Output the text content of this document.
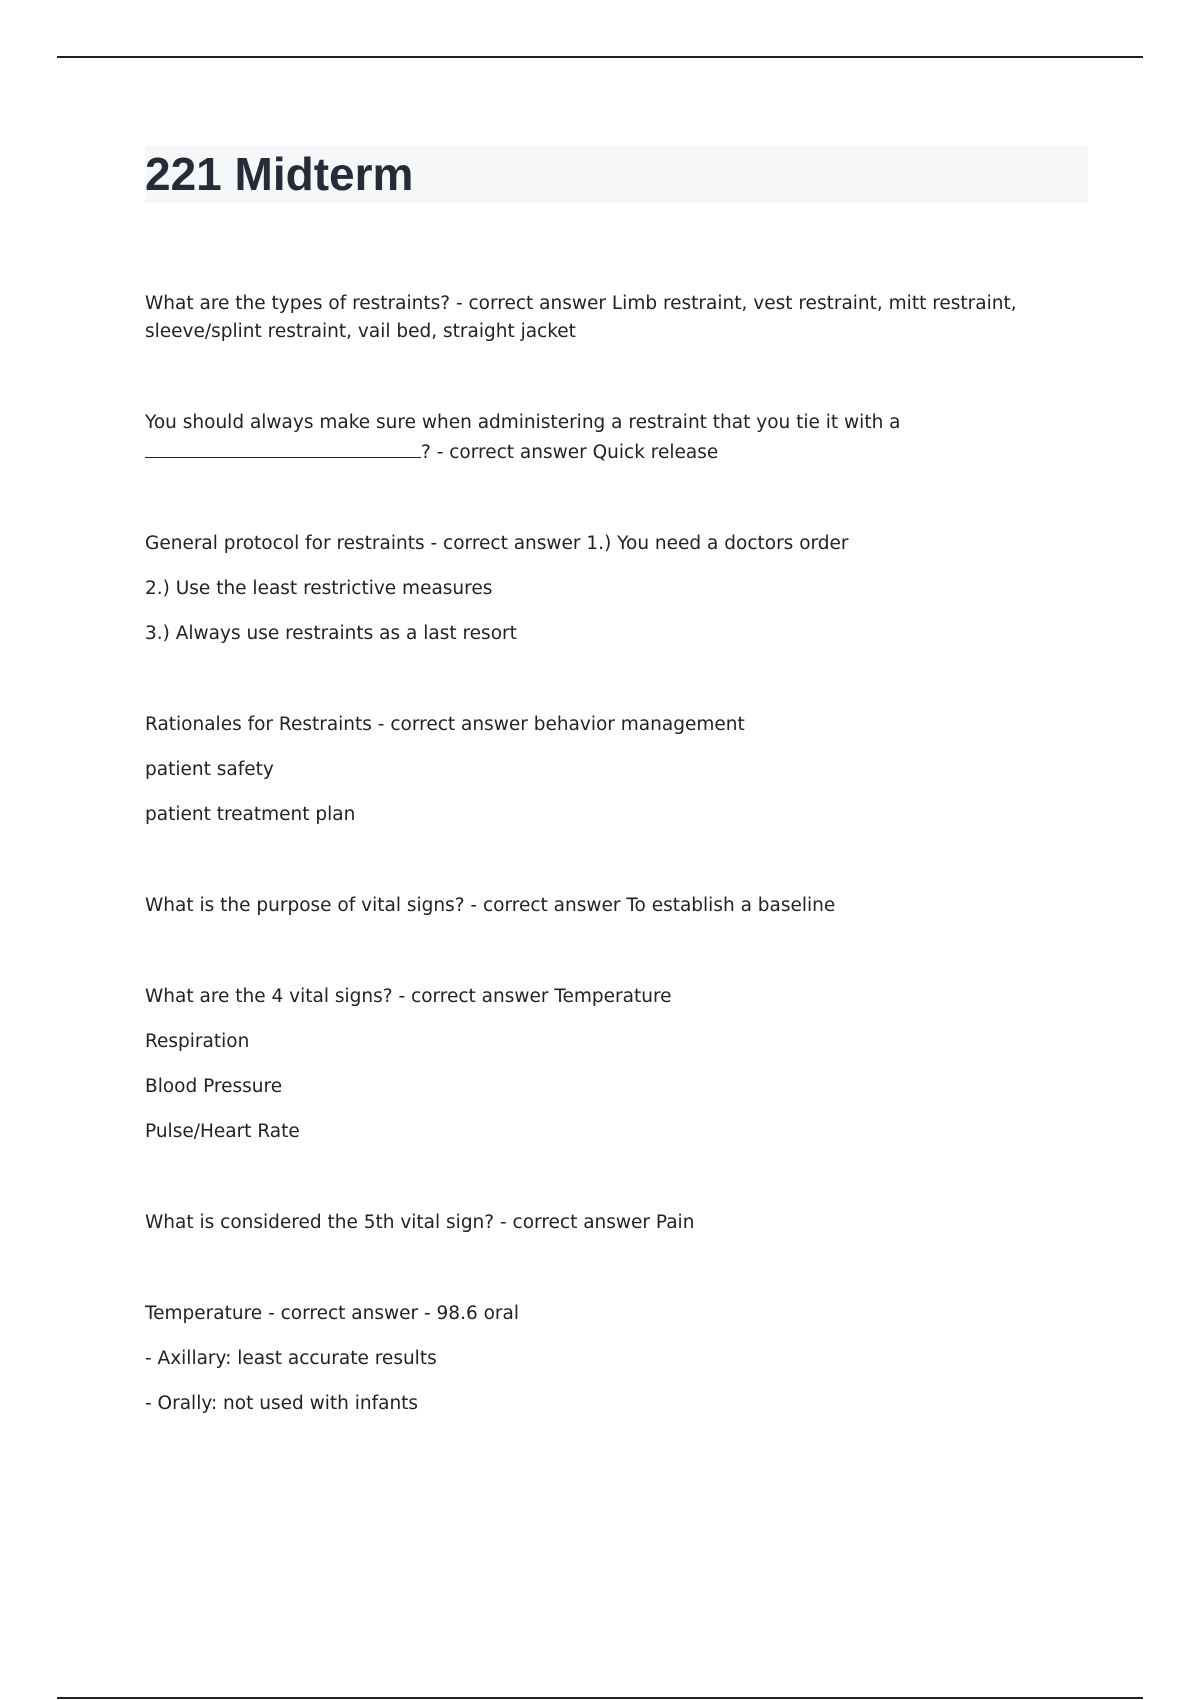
221 Midterm
What are the types of restraints? - correct answer Limb restraint, vest restraint, mitt restraint,
sleeve/splint restraint, vail bed, straight jacket
You should always make sure when administering a restraint that you tie it with a
? - correct answer Quick release
General protocol for restraints - correct answer 1.) You need a doctors order
2.) Use the least restrictive measures
3.) Always use restraints as a last resort
Rationales for Restraints - correct answer behavior management
patient safety
patient treatment plan
What is the purpose of vital signs? - correct answer To establish a baseline
What are the 4 vital signs? - correct answer Temperature
Respiration
Blood Pressure
Pulse/Heart Rate
What is considered the 5th vital sign? - correct answer Pain
Temperature - correct answer - 98.6 oral
- Axillary: least accurate results
- Orally: not used with infants
